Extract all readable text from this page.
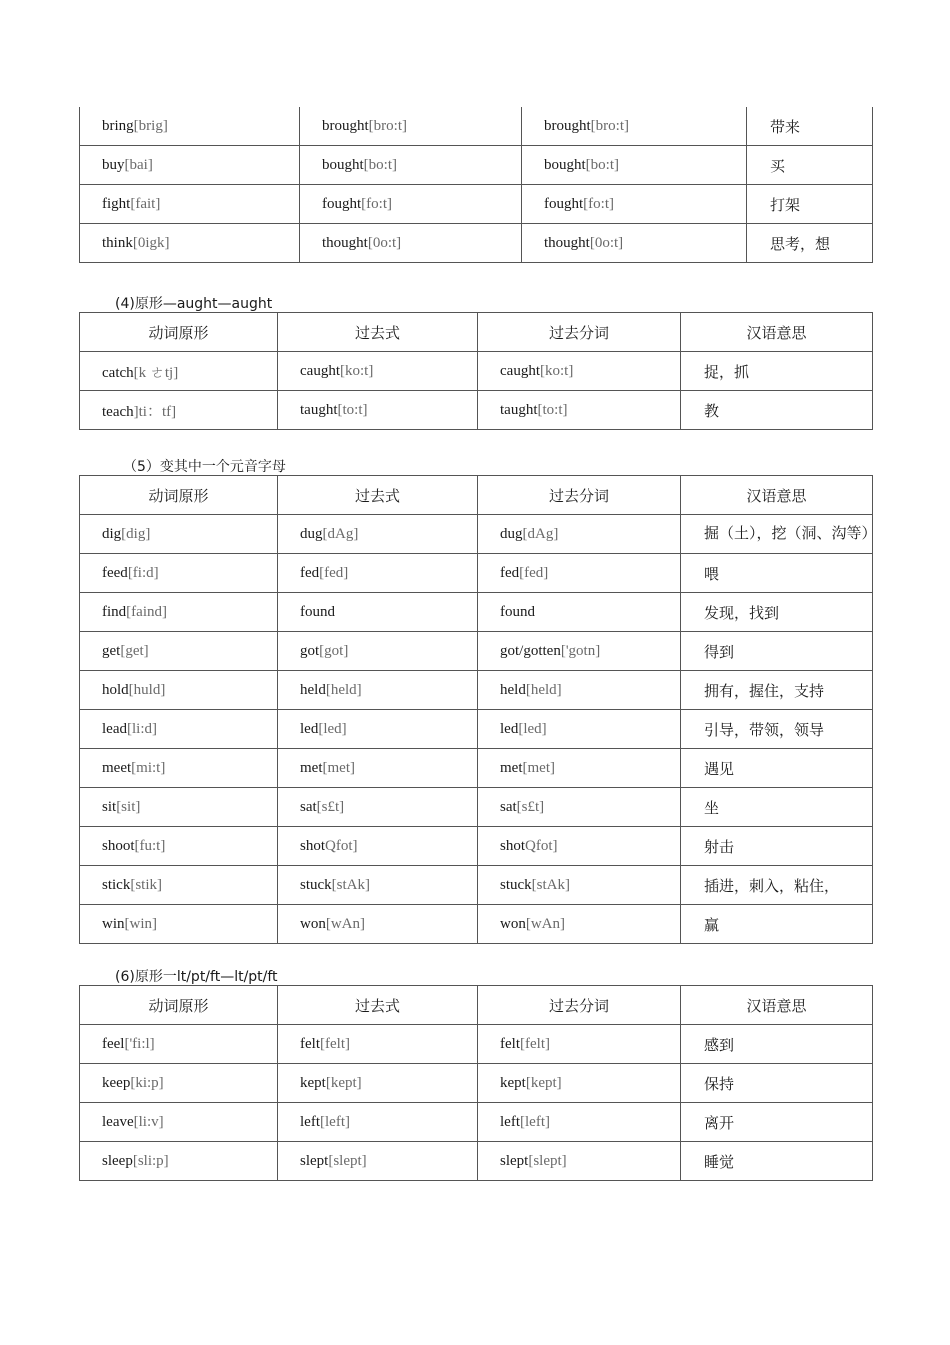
bring[brig]	brought[bro:t]	brought[bro:t]	带来
buy[bai]	bought[bo:t]	bought[bo:t]	买
fight[fait]	fought[fo:t]	fought[fo:t]	打架
think[0igk]	thought[0o:t]	thought[0o:t]	思考，想
(4)原形—aught—aught
动词原形	过去式	过去分词	汉语意思
catch[k ㄜtj]	caught[ko:t]	caught[ko:t]	捉，抓
teach]ti：tf]	taught[to:t]	taught[to:t]	教
（5）变其中一个元音字母
动词原形	过去式	过去分词	汉语意思
dig[dig]	dug[dAg]	dug[dAg]	掘（土），挖（洞、沟等）
feed[fi:d]	fed[fed]	fed[fed]	喂
find[faind]	found	found	发现，找到
get[get]	got[got]	got/gotten['gotn]	得到
hold[huld]	held[held]	held[held]	拥有，握住，支持
lead[li:d]	led[led]	led[led]	引导，带领，领导
meet[mi:t]	met[met]	met[met]	遇见
sit[sit]	sat[s£t]	sat[s£t]	坐
shoot[fu:t]	shotQfot]	shotQfot]	射击
stick[stik]	stuck[stAk]	stuck[stAk]	插进，刺入，粘住，
win[win]	won[wAn]	won[wAn]	赢
(6)原形一lt/pt/ft—lt/pt/ft
动词原形	过去式	过去分词	汉语意思
feel['fi:l]	felt[felt]	felt[felt]	感到
keep[ki:p]	kept[kept]	kept[kept]	保持
leave[li:v]	left[left]	left[left]	离开
sleep[sli:p]	slept[slept]	slept[slept]	睡觉
